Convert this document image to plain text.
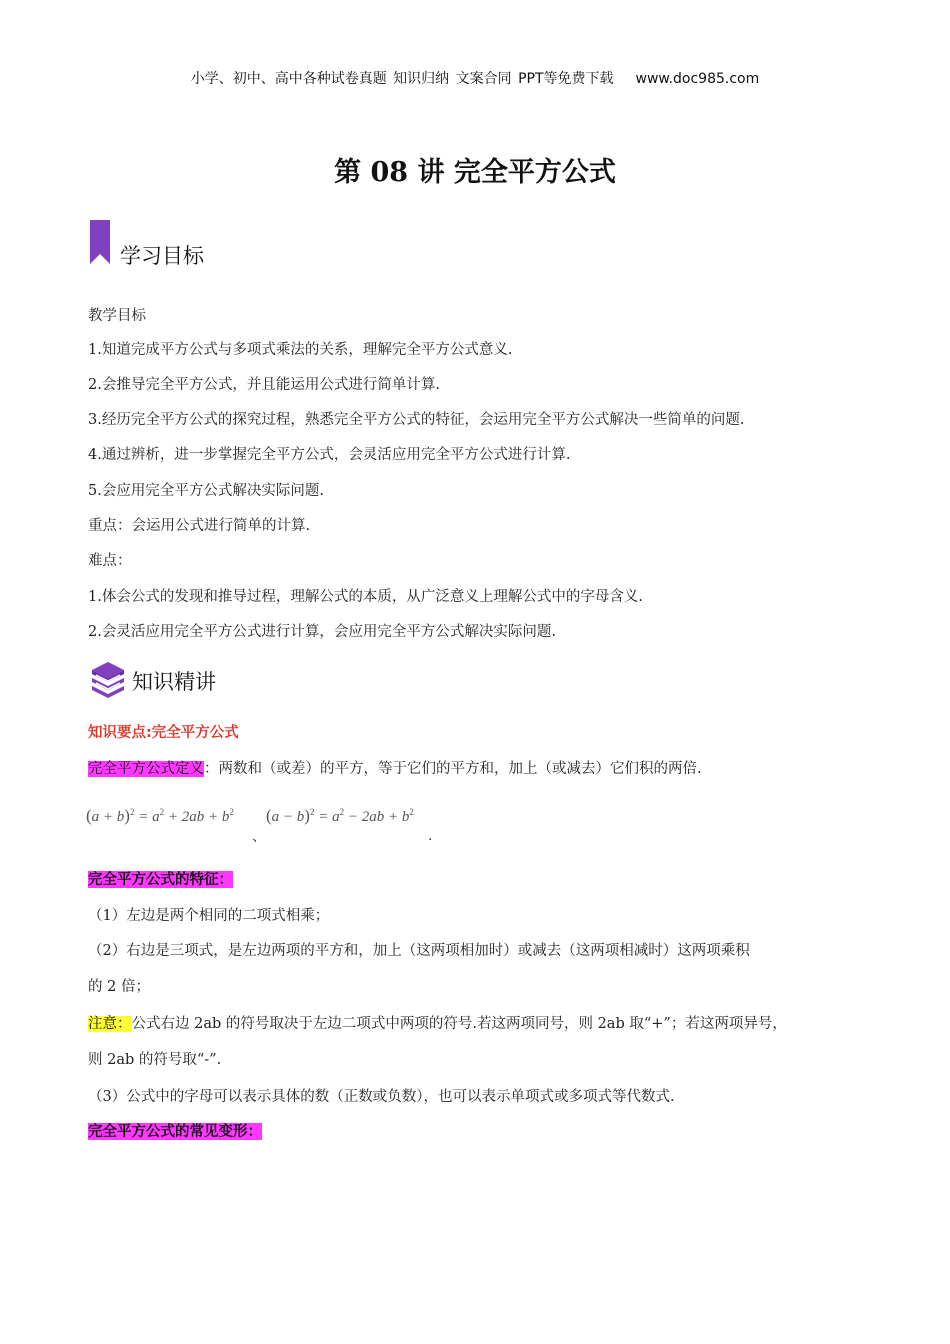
小学、初中、高中各种试卷真题 知识归纳 文案合同 PPT等免费下载 www.doc985.com
第 08 讲 完全平方公式
学习目标
教学目标
1.知道完成平方公式与多项式乘法的关系，理解完全平方公式意义.
2.会推导完全平方公式，并且能运用公式进行简单计算.
3.经历完全平方公式的探究过程，熟悉完全平方公式的特征，会运用完全平方公式解决一些简单的问题.
4.通过辨析，进一步掌握完全平方公式，会灵活应用完全平方公式进行计算.
5.会应用完全平方公式解决实际问题.
重点：会运用公式进行简单的计算.
难点：
1.体会公式的发现和推导过程，理解公式的本质，从广泛意义上理解公式中的字母含义.
2.会灵活应用完全平方公式进行计算，会应用完全平方公式解决实际问题.
知识精讲
知识要点:完全平方公式
完全平方公式定义：两数和（或差）的平方，等于它们的平方和，加上（或减去）它们积的两倍.
$(a + b)^2 = a^2 + 2ab + b^2$
、
$(a - b)^2 = a^2 - 2ab + b^2$
.
完全平方公式的特征：
（1）左边是两个相同的二项式相乘；
（2）右边是三项式，是左边两项的平方和，加上（这两项相加时）或减去（这两项相减时）这两项乘积
的 2 倍；
注意：公式右边 2ab 的符号取决于左边二项式中两项的符号.若这两项同号，则 2ab 取“+”；若这两项异号，
则 2ab 的符号取“-”.
（3）公式中的字母可以表示具体的数（正数或负数），也可以表示单项式或多项式等代数式.
完全平方公式的常见变形：
